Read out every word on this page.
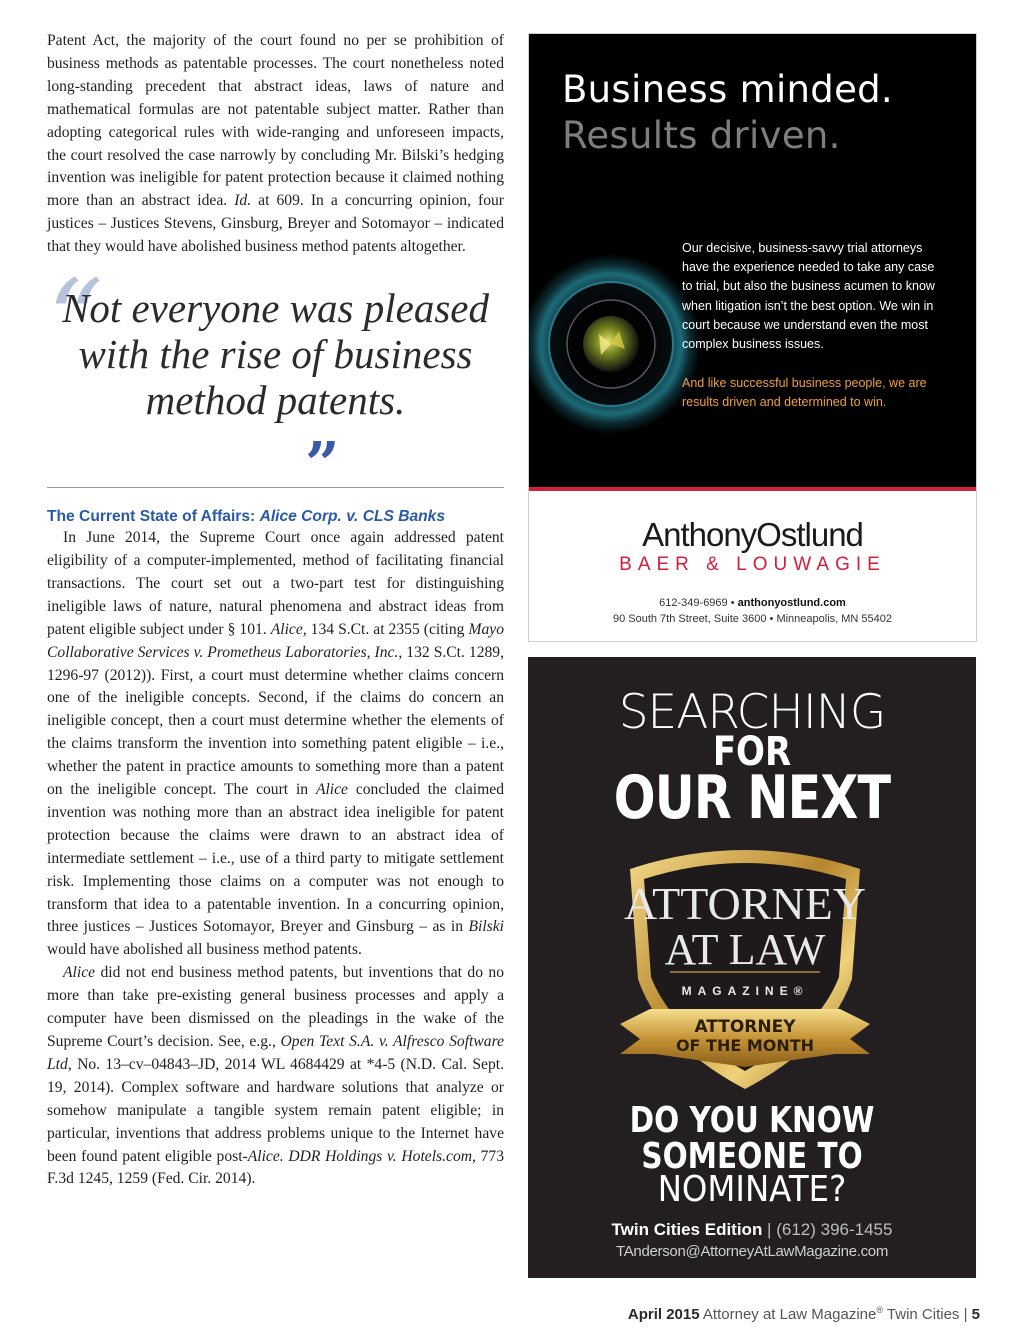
Patent Act, the majority of the court found no per se prohibition of business methods as patentable processes. The court nonetheless noted long-standing precedent that abstract ideas, laws of nature and mathematical formulas are not patentable subject matter. Rather than adopting categorical rules with wide-ranging and unforeseen impacts, the court resolved the case narrowly by concluding Mr. Bilski’s hedging invention was ineligible for patent protection because it claimed nothing more than an abstract idea. Id. at 609. In a concurring opinion, four justices – Justices Stevens, Ginsburg, Breyer and Sotomayor – indicated that they would have abolished business method patents altogether.

“
Not everyone was pleased with the rise of business method patents.
”
The Current State of Affairs: Alice Corp. v. CLS Banks

In June 2014, the Supreme Court once again addressed patent eligibility of a computer-implemented, method of facilitating financial transactions. The court set out a two-part test for distinguishing ineligible laws of nature, natural phenomena and abstract ideas from patent eligible subject under § 101. Alice, 134 S.Ct. at 2355 (citing Mayo Collaborative Services v. Prometheus Laboratories, Inc., 132 S.Ct. 1289, 1296-97 (2012)). First, a court must determine whether claims concern one of the ineligible concepts. Second, if the claims do concern an ineligible concept, then a court must determine whether the elements of the claims transform the invention into something patent eligible – i.e., whether the patent in practice amounts to something more than a patent on the ineligible concept. The court in Alice concluded the claimed invention was nothing more than an abstract idea ineligible for patent protection because the claims were drawn to an abstract idea of intermediate settlement – i.e., use of a third party to mitigate settlement risk. Implementing those claims on a computer was not enough to transform that idea to a patentable invention. In a concurring opinion, three justices – Justices Sotomayor, Breyer and Ginsburg – as in Bilski would have abolished all business method patents.

Alice did not end business method patents, but inventions that do no more than take pre-existing general business processes and apply a computer have been dismissed on the pleadings in the wake of the Supreme Court’s decision. See, e.g., Open Text S.A. v. Alfresco Software Ltd, No. 13–cv–04843–JD, 2014 WL 4684429 at *4-5 (N.D. Cal. Sept. 19, 2014). Complex software and hardware solutions that analyze or somehow manipulate a tangible system remain patent eligible; in particular, inventions that address problems unique to the Internet have been found patent eligible post-Alice. DDR Holdings v. Hotels.com, 773 F.3d 1245, 1259 (Fed. Cir. 2014).

Business minded.
Results driven.
Our decisive, business-savvy trial attorneys have the experience needed to take any case to trial, but also the business acumen to know when litigation isn’t the best option. We win in court because we understand even the most complex business issues.
And like successful business people, we are results driven and determined to win.
AnthonyOstlund
BAER & LOUWAGIE
612-349-6969 • anthonyostlund.com
90 South 7th Street, Suite 3600 • Minneapolis, MN 55402
SEARCHING
FOR
OUR NEXT
ATTORNEY
AT LAW
MAGAZINE®
ATTORNEY
OF THE MONTH
DO YOU KNOW
SOMEONE TO
NOMINATE?
Twin Cities Edition | (612) 396-1455
TAnderson@AttorneyAtLawMagazine.com
April 2015 Attorney at Law Magazine® Twin Cities | 5
